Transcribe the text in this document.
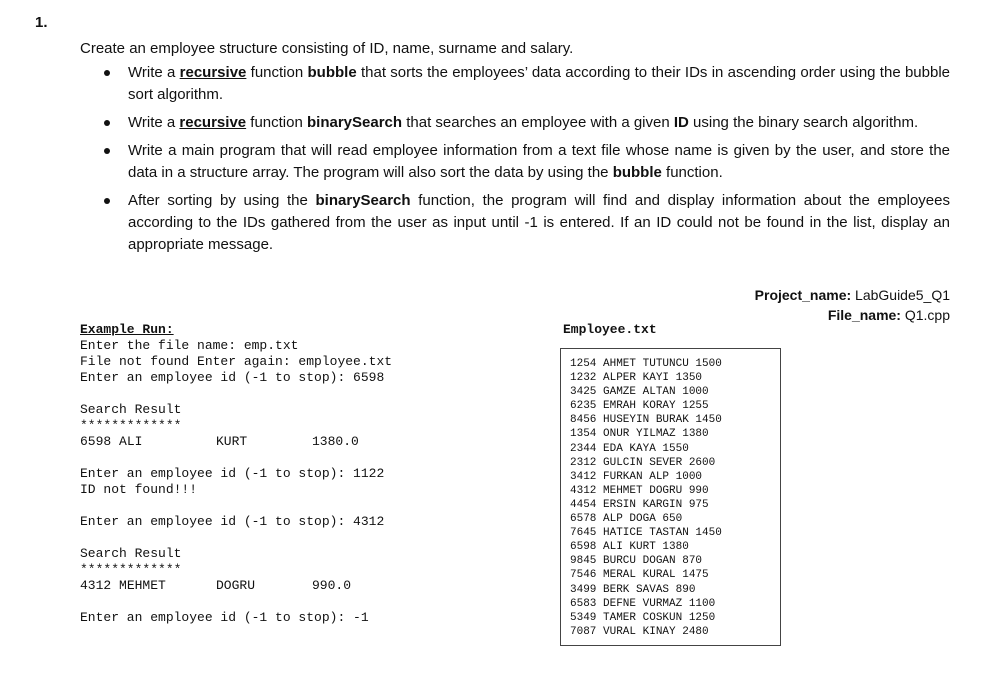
1.
Create an employee structure consisting of ID, name, surname and salary.
Write a recursive function bubble that sorts the employees’ data according to their IDs in ascending order using the bubble sort algorithm.
Write a recursive function binarySearch that searches an employee with a given ID using the binary search algorithm.
Write a main program that will read employee information from a text file whose name is given by the user, and store the data in a structure array. The program will also sort the data by using the bubble function.
After sorting by using the binarySearch function, the program will find and display information about the employees according to the IDs gathered from the user as input until -1 is entered. If an ID could not be found in the list, display an appropriate message.
Project_name: LabGuide5_Q1
File_name: Q1.cpp
Example Run:
Enter the file name: emp.txt
File not found Enter again: employee.txt
Enter an employee id (-1 to stop): 6598
Search Result
*************
6598 ALI	KURT	1380.0
Enter an employee id (-1 to stop): 1122
ID not found!!!
Enter an employee id (-1 to stop): 4312
Search Result
*************
4312 MEHMET	DOGRU	990.0
Enter an employee id (-1 to stop): -1
Employee.txt
1254 AHMET TUTUNCU 1500
1232 ALPER KAYI 1350
3425 GAMZE ALTAN 1000
6235 EMRAH KORAY 1255
8456 HUSEYIN BURAK 1450
1354 ONUR YILMAZ 1380
2344 EDA KAYA 1550
2312 GULCIN SEVER 2600
3412 FURKAN ALP 1000
4312 MEHMET DOGRU 990
4454 ERSIN KARGIN 975
6578 ALP DOGA 650
7645 HATICE TASTAN 1450
6598 ALI KURT 1380
9845 BURCU DOGAN 870
7546 MERAL KURAL 1475
3499 BERK SAVAS 890
6583 DEFNE VURMAZ 1100
5349 TAMER COSKUN 1250
7087 VURAL KINAY 2480
